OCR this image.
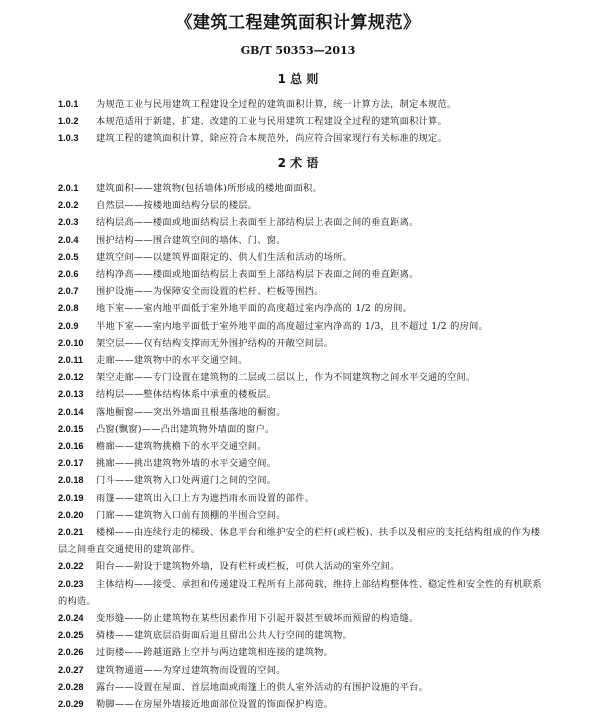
《建筑工程建筑面积计算规范》
GB/T 50353—2013
1 总 则
1.0.1 为规范工业与民用建筑工程建设全过程的建筑面积计算，统一计算方法，制定本规范。
1.0.2 本规范适用于新建、扩建、改建的工业与民用建筑工程建设全过程的建筑面积计算。
1.0.3 建筑工程的建筑面积计算，除应符合本规范外，尚应符合国家现行有关标准的规定。
2 术 语
2.0.1 建筑面积——建筑物(包括墙体)所形成的楼地面面积。
2.0.2 自然层——按楼地面结构分层的楼层。
2.0.3 结构层高——楼面或地面结构层上表面至上部结构层上表面之间的垂直距离。
2.0.4 围护结构——围合建筑空间的墙体、门、窗。
2.0.5 建筑空间——以建筑界面限定的、供人们生活和活动的场所。
2.0.6 结构净高——楼面或地面结构层上表面至上部结构层下表面之间的垂直距离。
2.0.7 围护设施——为保障安全而设置的栏杆、栏板等围挡。
2.0.8 地下室——室内地平面低于室外地平面的高度超过室内净高的 1/2 的房间。
2.0.9 半地下室——室内地平面低于室外地平面的高度超过室内净高的 1/3，且不超过 1/2 的房间。
2.0.10 架空层——仅有结构支撑而无外围护结构的开敞空间层。
2.0.11 走廊——建筑物中的水平交通空间。
2.0.12 架空走廊——专门设置在建筑物的二层或二层以上，作为不同建筑物之间水平交通的空间。
2.0.13 结构层——整体结构体系中承重的楼板层。
2.0.14 落地橱窗——突出外墙面且根基落地的橱窗。
2.0.15 凸窗(飘窗)——凸出建筑物外墙面的窗户。
2.0.16 檐廊——建筑物挑檐下的水平交通空间。
2.0.17 挑廊——挑出建筑物外墙的水平交通空间。
2.0.18 门斗——建筑物入口处两道门之间的空间。
2.0.19 雨篷——建筑出入口上方为遮挡雨水而设置的部件。
2.0.20 门廊——建筑物入口前有顶棚的半围合空间。
2.0.21 楼梯——由连续行走的梯级、休息平台和维护安全的栏杆(或栏板)、扶手以及相应的支托结构组成的作为楼层之间垂直交通使用的建筑部件。
2.0.22 阳台——附设于建筑物外墙，设有栏杆或栏板，可供人活动的室外空间。
2.0.23 主体结构——接受、承担和传递建设工程所有上部荷载，维持上部结构整体性、稳定性和安全性的有机联系的构造。
2.0.24 变形缝——防止建筑物在某些因素作用下引起开裂甚至破坏而预留的构造缝。
2.0.25 骑楼——建筑底层沿街面后退且留出公共人行空间的建筑物。
2.0.26 过街楼——跨越道路上空并与两边建筑相连接的建筑物。
2.0.27 建筑物通道——为穿过建筑物而设置的空间。
2.0.28 露台——设置在屋面、首层地面或雨篷上的供人室外活动的有围护设施的平台。
2.0.29 勒脚——在房屋外墙接近地面部位设置的饰面保护构造。
